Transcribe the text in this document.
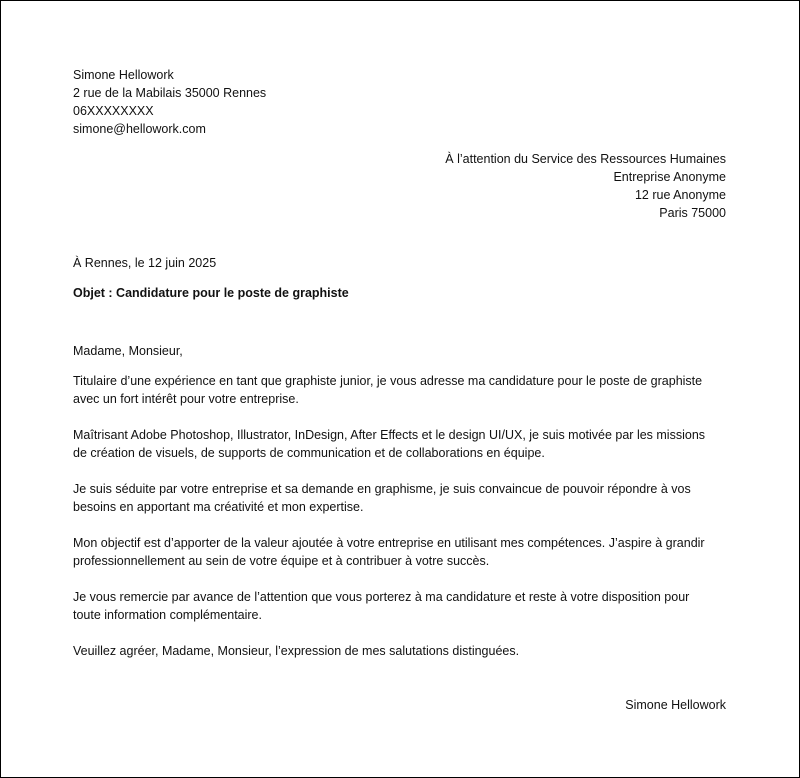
Simone Hellowork
2 rue de la Mabilais 35000 Rennes
06XXXXXXXX
simone@hellowork.com
À l’attention du Service des Ressources Humaines
Entreprise Anonyme
12 rue Anonyme
Paris 75000
À Rennes, le 12 juin 2025
Objet : Candidature pour le poste de graphiste
Madame, Monsieur,
Titulaire d’une expérience en tant que graphiste junior, je vous adresse ma candidature pour le poste de graphiste
avec un fort intérêt pour votre entreprise.
Maîtrisant Adobe Photoshop, Illustrator, InDesign, After Effects et le design UI/UX, je suis motivée par les missions
de création de visuels, de supports de communication et de collaborations en équipe.
Je suis séduite par votre entreprise et sa demande en graphisme, je suis convaincue de pouvoir répondre à vos
besoins en apportant ma créativité et mon expertise.
Mon objectif est d’apporter de la valeur ajoutée à votre entreprise en utilisant mes compétences. J’aspire à grandir
professionnellement au sein de votre équipe et à contribuer à votre succès.
Je vous remercie par avance de l’attention que vous porterez à ma candidature et reste à votre disposition pour
toute information complémentaire.
Veuillez agréer, Madame, Monsieur, l’expression de mes salutations distinguées.
Simone Hellowork
